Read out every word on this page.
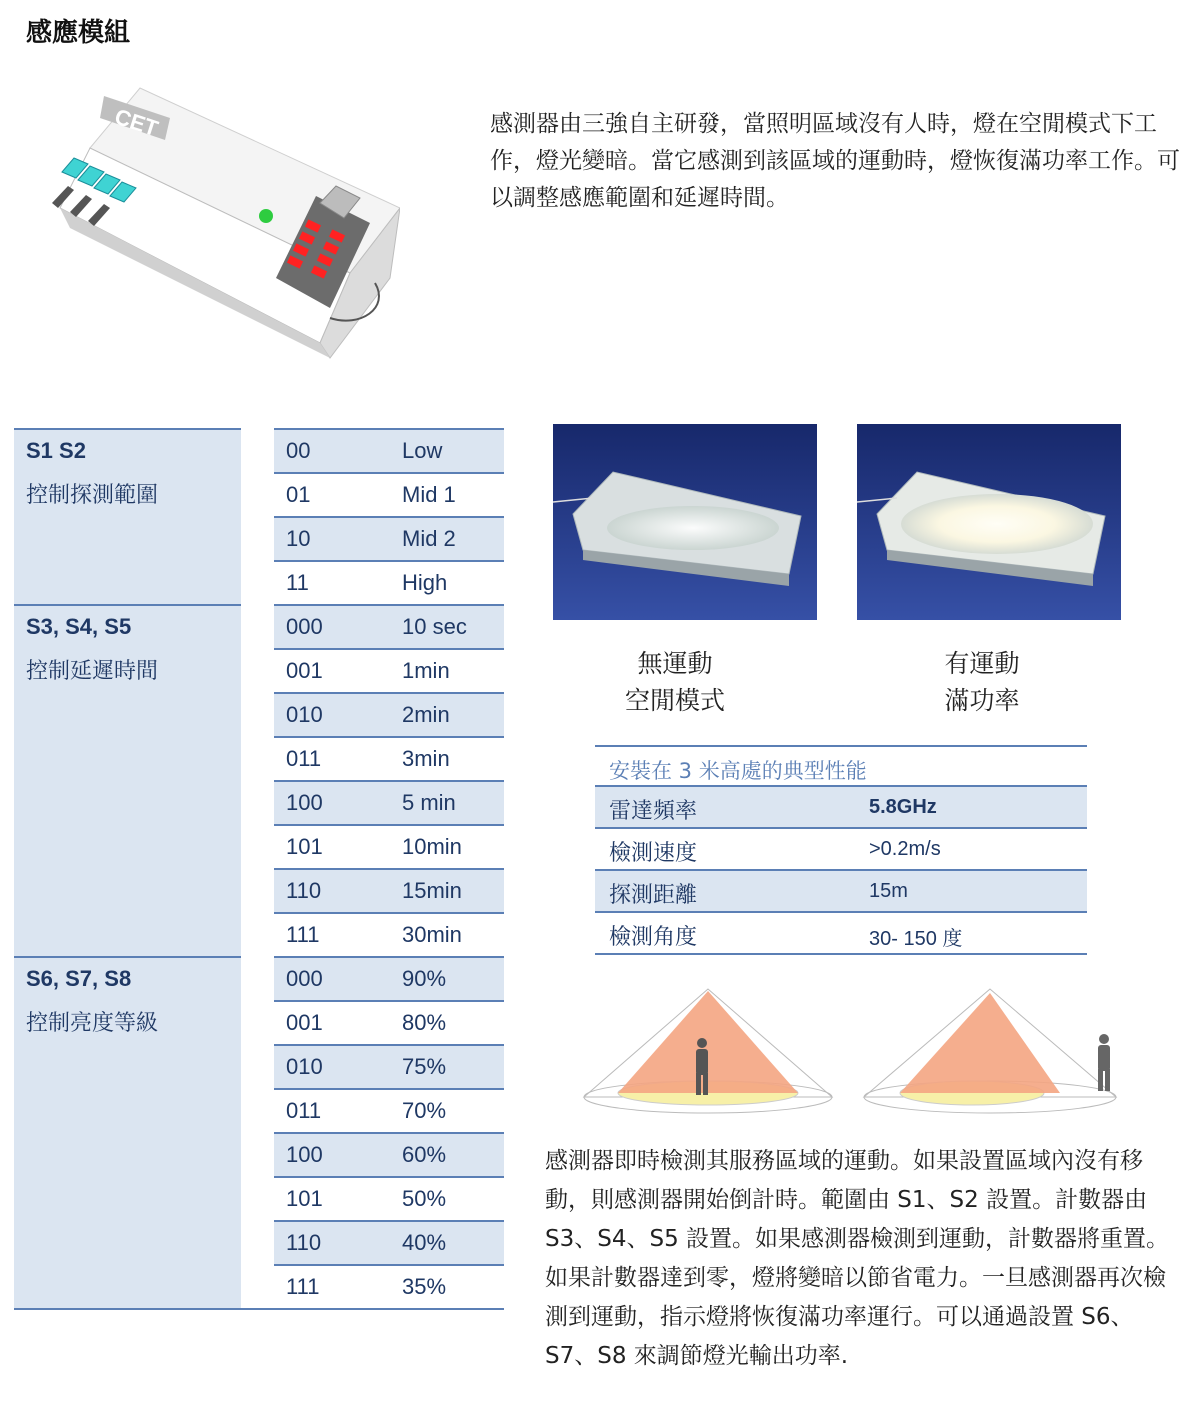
感應模組
CET	感測器由三強自主研發，當照明區域沒有人時，燈在空閒模式下工作，燈光變暗。當它感測到該區域的運動時，燈恢復滿功率工作。可以調整感應範圍和延遲時間。
S1 S2
控制探測範圍
00	Low
01	Mid 1
10	Mid 2
11	High
S3, S4, S5
控制延遲時間
000	10 sec
001	1min
010	2min
011	3min
100	5 min
101	10min
110	15min
111	30min
S6, S7, S8
控制亮度等級
000	90%
001	80%
010	75%
011	70%
100	60%
101	50%
110	40%
111	35%
無運動
空閒模式
有運動
滿功率
安裝在 3 米高處的典型性能
雷達頻率	5.8GHz
檢測速度	>0.2m/s
探測距離	15m
檢測角度	30- 150 度
感測器即時檢測其服務區域的運動。如果設置區域內沒有移動，則感測器開始倒計時。範圍由 S1、S2 設置。計數器由 S3、S4、S5 設置。如果感測器檢測到運動，計數器將重置。如果計數器達到零，燈將變暗以節省電力。一旦感測器再次檢測到運動，指示燈將恢復滿功率運行。可以通過設置 S6、S7、S8 來調節燈光輸出功率.
